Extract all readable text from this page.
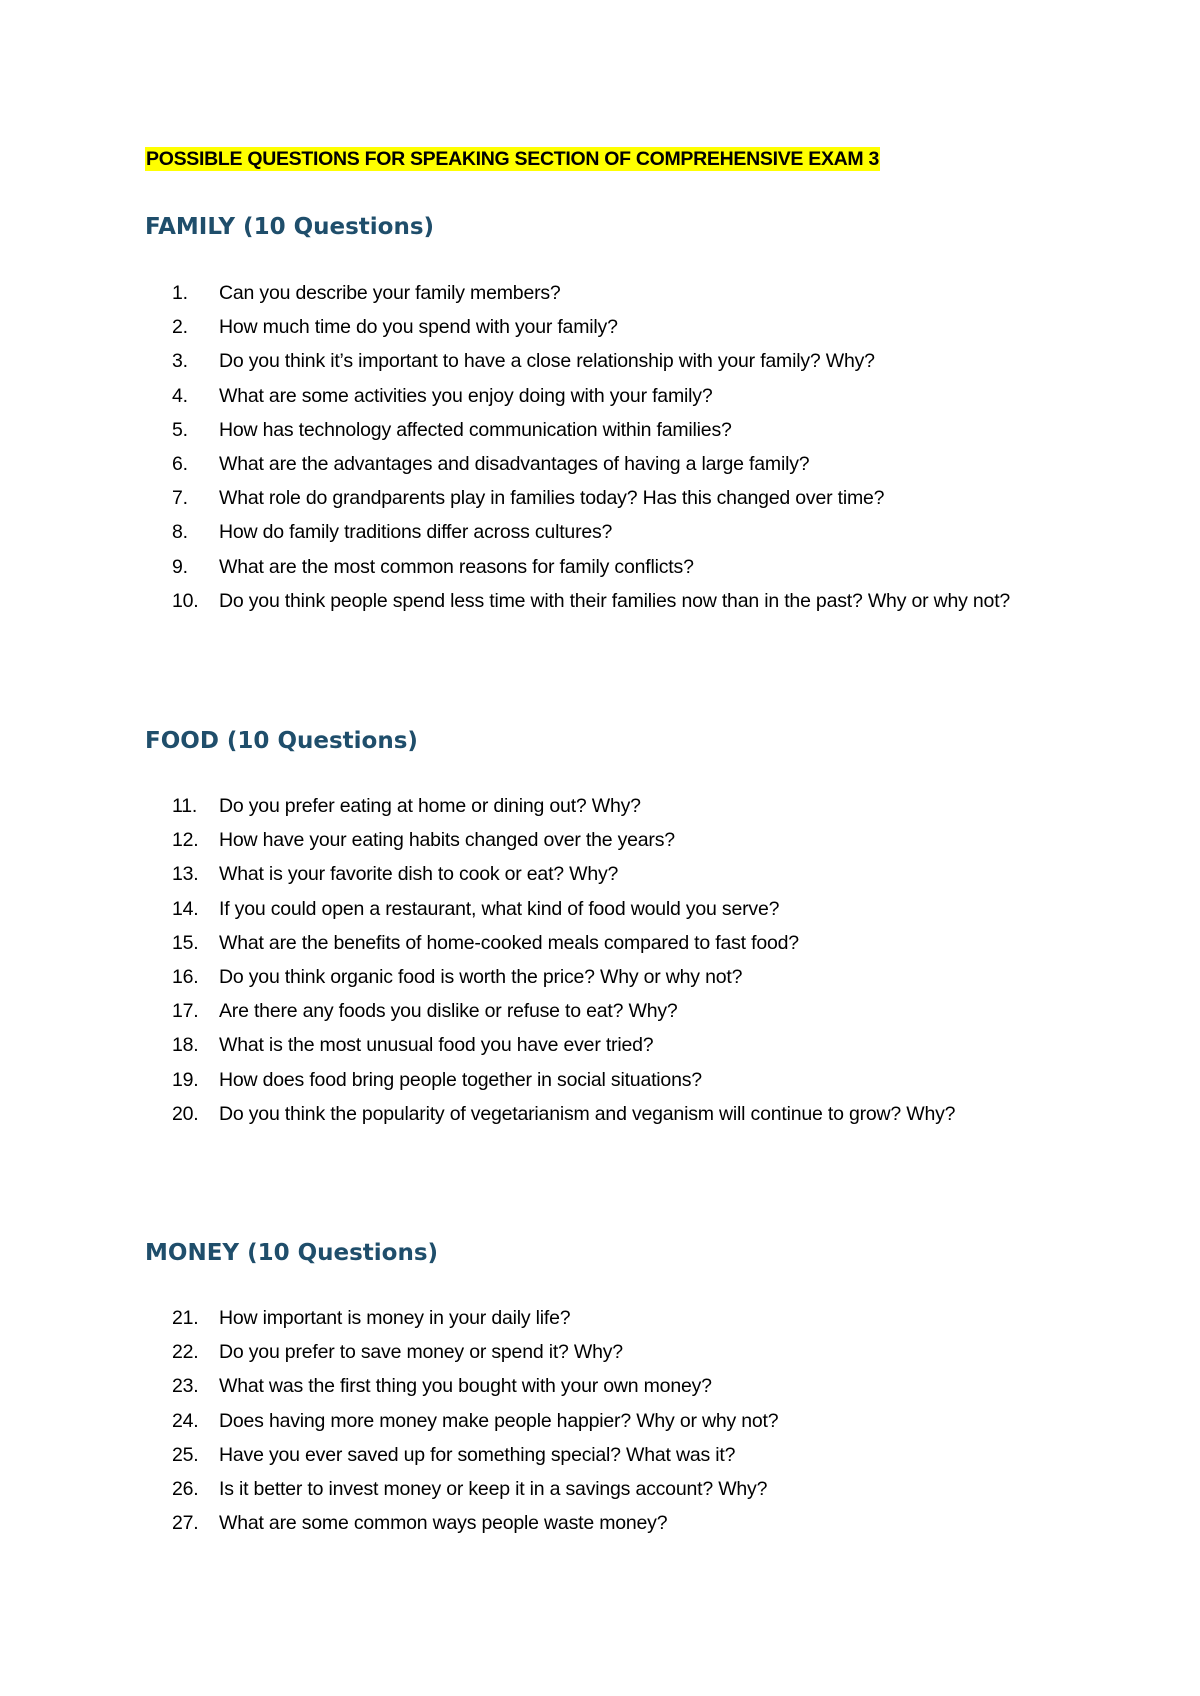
POSSIBLE QUESTIONS FOR SPEAKING SECTION OF COMPREHENSIVE EXAM 3
FAMILY (10 Questions)
1. Can you describe your family members?
2. How much time do you spend with your family?
3. Do you think it’s important to have a close relationship with your family? Why?
4. What are some activities you enjoy doing with your family?
5. How has technology affected communication within families?
6. What are the advantages and disadvantages of having a large family?
7. What role do grandparents play in families today? Has this changed over time?
8. How do family traditions differ across cultures?
9. What are the most common reasons for family conflicts?
10. Do you think people spend less time with their families now than in the past? Why or why not?
FOOD (10 Questions)
11. Do you prefer eating at home or dining out? Why?
12. How have your eating habits changed over the years?
13. What is your favorite dish to cook or eat? Why?
14. If you could open a restaurant, what kind of food would you serve?
15. What are the benefits of home-cooked meals compared to fast food?
16. Do you think organic food is worth the price? Why or why not?
17. Are there any foods you dislike or refuse to eat? Why?
18. What is the most unusual food you have ever tried?
19. How does food bring people together in social situations?
20. Do you think the popularity of vegetarianism and veganism will continue to grow? Why?
MONEY (10 Questions)
21. How important is money in your daily life?
22. Do you prefer to save money or spend it? Why?
23. What was the first thing you bought with your own money?
24. Does having more money make people happier? Why or why not?
25. Have you ever saved up for something special? What was it?
26. Is it better to invest money or keep it in a savings account? Why?
27. What are some common ways people waste money?
